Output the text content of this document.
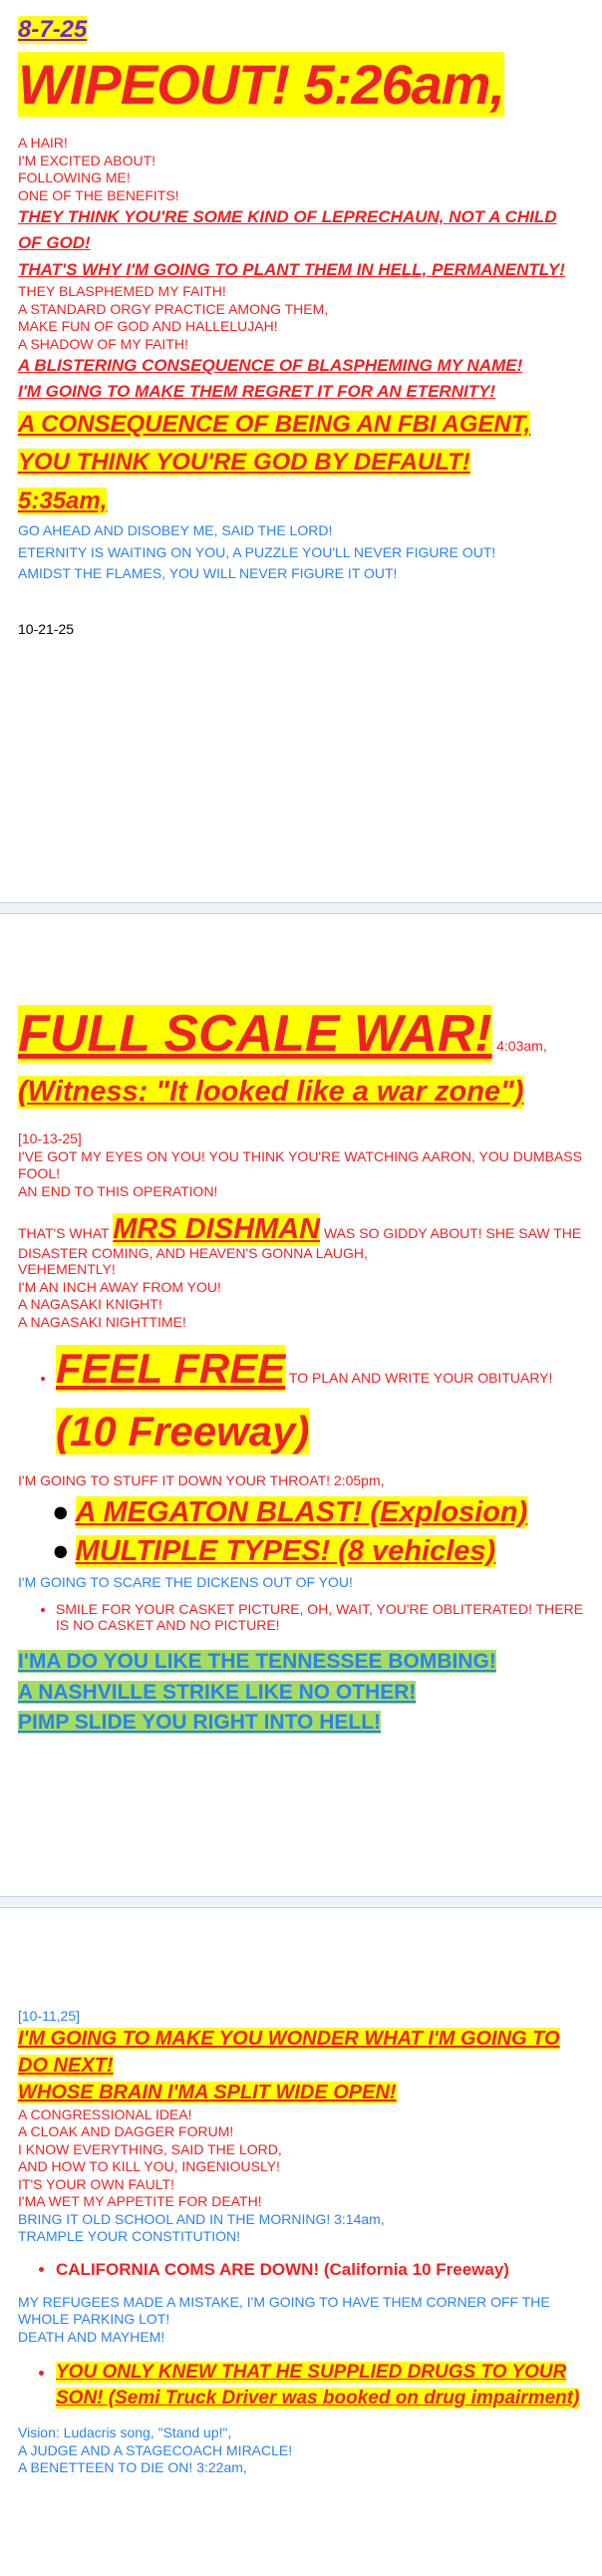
8-7-25
WIPEOUT! 5:26am,

A HAIR!

I'M EXCITED ABOUT!

FOLLOWING ME!

ONE OF THE BENEFITS!

THEY THINK YOU'RE SOME KIND OF LEPRECHAUN, NOT A CHILD OF GOD!

THAT'S WHY I'M GOING TO PLANT THEM IN HELL, PERMANENTLY!

THEY BLASPHEMED MY FAITH!

A STANDARD ORGY PRACTICE AMONG THEM,

MAKE FUN OF GOD AND HALLELUJAH!

A SHADOW OF MY FAITH!

A BLISTERING CONSEQUENCE OF BLASPHEMING MY NAME!

I'M GOING TO MAKE THEM REGRET IT FOR AN ETERNITY!

A CONSEQUENCE OF BEING AN FBI AGENT,

YOU THINK YOU'RE GOD BY DEFAULT!

5:35am,

GO AHEAD AND DISOBEY ME, SAID THE LORD!

ETERNITY IS WAITING ON YOU, A PUZZLE YOU'LL NEVER FIGURE OUT!

AMIDST THE FLAMES, YOU WILL NEVER FIGURE IT OUT!

10-21-25

FULL SCALE WAR! 4:03am,
(Witness: "It looked like a war zone")

[10-13-25]

I'VE GOT MY EYES ON YOU! YOU THINK YOU'RE WATCHING AARON, YOU DUMBASS FOOL!

AN END TO THIS OPERATION!

THAT'S WHAT MRS DISHMAN WAS SO GIDDY ABOUT! SHE SAW THE DISASTER COMING, AND HEAVEN'S GONNA LAUGH,

VEHEMENTLY!

I'M AN INCH AWAY FROM YOU!

A NAGASAKI KNIGHT!

A NAGASAKI NIGHTTIME!

• FEEL FREE TO PLAN AND WRITE YOUR OBITUARY! (10 Freeway)

I'M GOING TO STUFF IT DOWN YOUR THROAT! 2:05pm,

● A MEGATON BLAST! (Explosion)
● MULTIPLE TYPES! (8 vehicles)

I'M GOING TO SCARE THE DICKENS OUT OF YOU!

• SMILE FOR YOUR CASKET PICTURE, OH, WAIT, YOU'RE OBLITERATED! THERE IS NO CASKET AND NO PICTURE!
I'MA DO YOU LIKE THE TENNESSEE BOMBING!
A NASHVILLE STRIKE LIKE NO OTHER!
PIMP SLIDE YOU RIGHT INTO HELL!

[10-11,25]

I'M GOING TO MAKE YOU WONDER WHAT I'M GOING TO DO NEXT!

WHOSE BRAIN I'MA SPLIT WIDE OPEN!

A CONGRESSIONAL IDEA!

A CLOAK AND DAGGER FORUM!

I KNOW EVERYTHING, SAID THE LORD,

AND HOW TO KILL YOU, INGENIOUSLY!

IT'S YOUR OWN FAULT!

I'MA WET MY APPETITE FOR DEATH!

BRING IT OLD SCHOOL AND IN THE MORNING! 3:14am,

TRAMPLE YOUR CONSTITUTION!

• CALIFORNIA COMS ARE DOWN! (California 10 Freeway)

MY REFUGEES MADE A MISTAKE, I'M GOING TO HAVE THEM CORNER OFF THE WHOLE PARKING LOT!

DEATH AND MAYHEM!

• YOU ONLY KNEW THAT HE SUPPLIED DRUGS TO YOUR SON! (Semi Truck Driver was booked on drug impairment)

Vision: Ludacris song, "Stand up!",

A JUDGE AND A STAGECOACH MIRACLE!

A BENETTEEN TO DIE ON! 3:22am,
